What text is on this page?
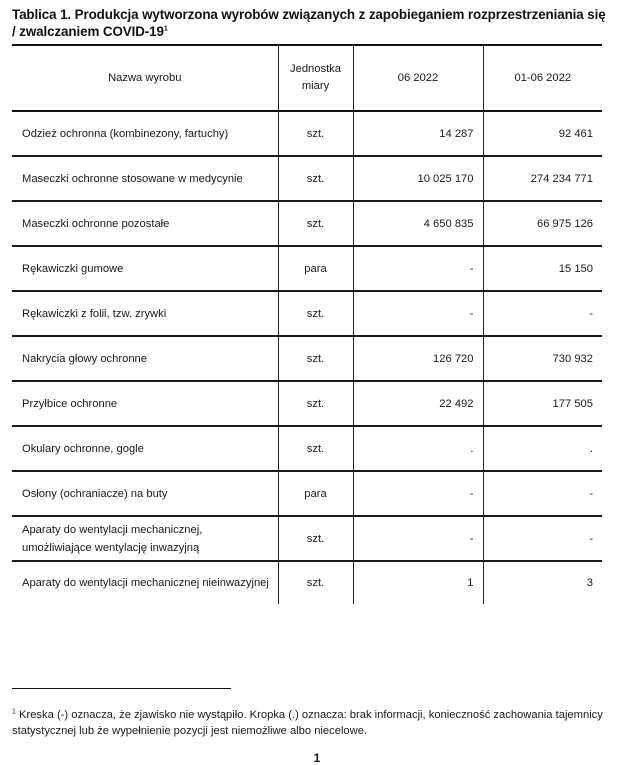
Tablica 1. Produkcja wytworzona wyrobów związanych z zapobieganiem rozprzestrzeniania się / zwalczaniem COVID-$19^1$
Nazwa wyrobu	Jednostka miary	06 2022	01-06 2022
Odzież ochronna (kombinezony, fartuchy)	szt.	14 287	92 461
Maseczki ochronne stosowane w medycynie	szt.	10 025 170	274 234 771
Maseczki ochronne pozostałe	szt.	4 650 835	66 975 126
Rękawiczki gumowe	para	-	15 150
Rękawiczki z folii, tzw. zrywki	szt.	-	-
Nakrycia głowy ochronne	szt.	126 720	730 932
Przyłbice ochronne	szt.	22 492	177 505
Okulary ochronne, gogle	szt.	.	.
Osłony (ochraniacze) na buty	para	-	-
Aparaty do wentylacji mechanicznej, umożliwiające wentylację inwazyjną	szt.	-	-
Aparaty do wentylacji mechanicznej nieinwazyjnej	szt.	1	3
$^1$ Kreska (-) oznacza, że zjawisko nie wystąpiło. Kropka (.) oznacza: brak informacji, konieczność zachowania tajemnicy statystycznej lub że wypełnienie pozycji jest niemożliwe albo niecelowe.
1
